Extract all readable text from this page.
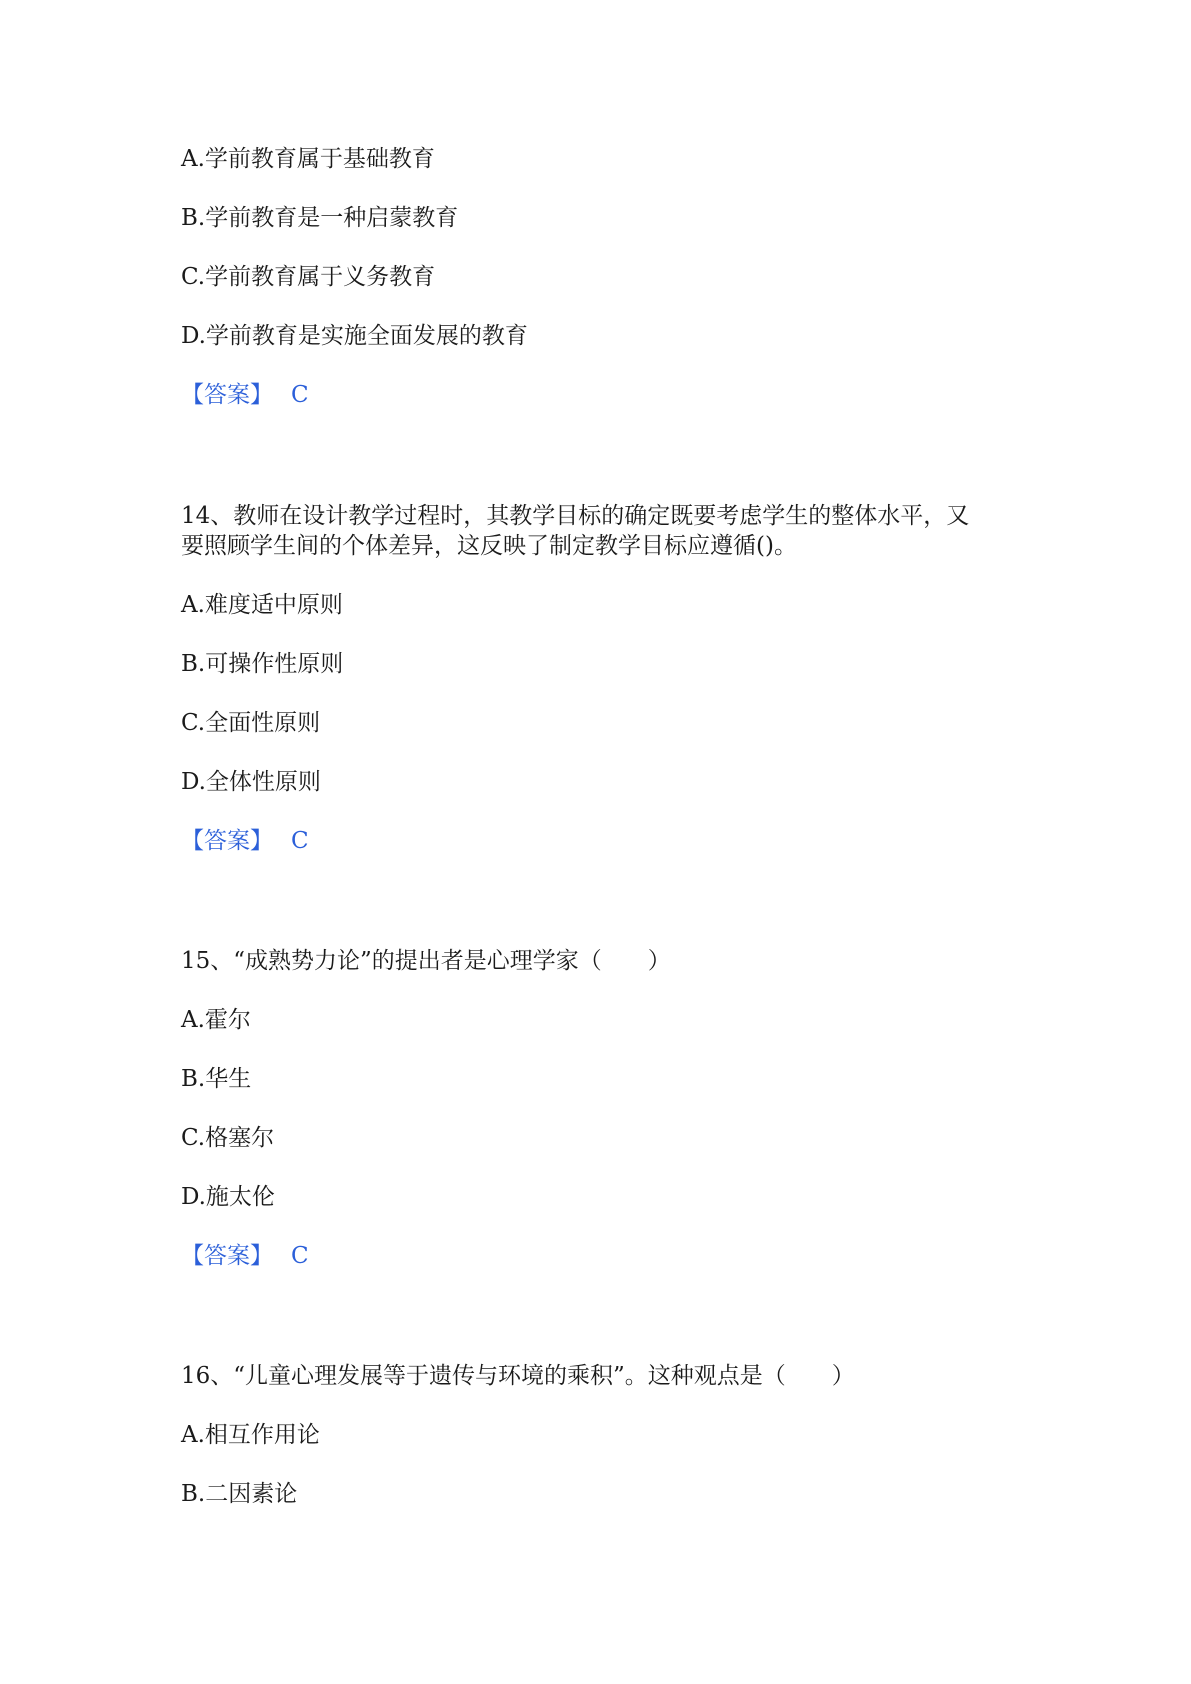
A.学前教育属于基础教育
B.学前教育是一种启蒙教育
C.学前教育属于义务教育
D.学前教育是实施全面发展的教育
【答案】 C
14、教师在设计教学过程时，其教学目标的确定既要考虑学生的整体水平，又
要照顾学生间的个体差异，这反映了制定教学目标应遵循()。
A.难度适中原则
B.可操作性原则
C.全面性原则
D.全体性原则
【答案】 C
15、“成熟势力论”的提出者是心理学家（　　）
A.霍尔
B.华生
C.格塞尔
D.施太伦
【答案】 C
16、“儿童心理发展等于遗传与环境的乘积”。这种观点是（　　）
A.相互作用论
B.二因素论
